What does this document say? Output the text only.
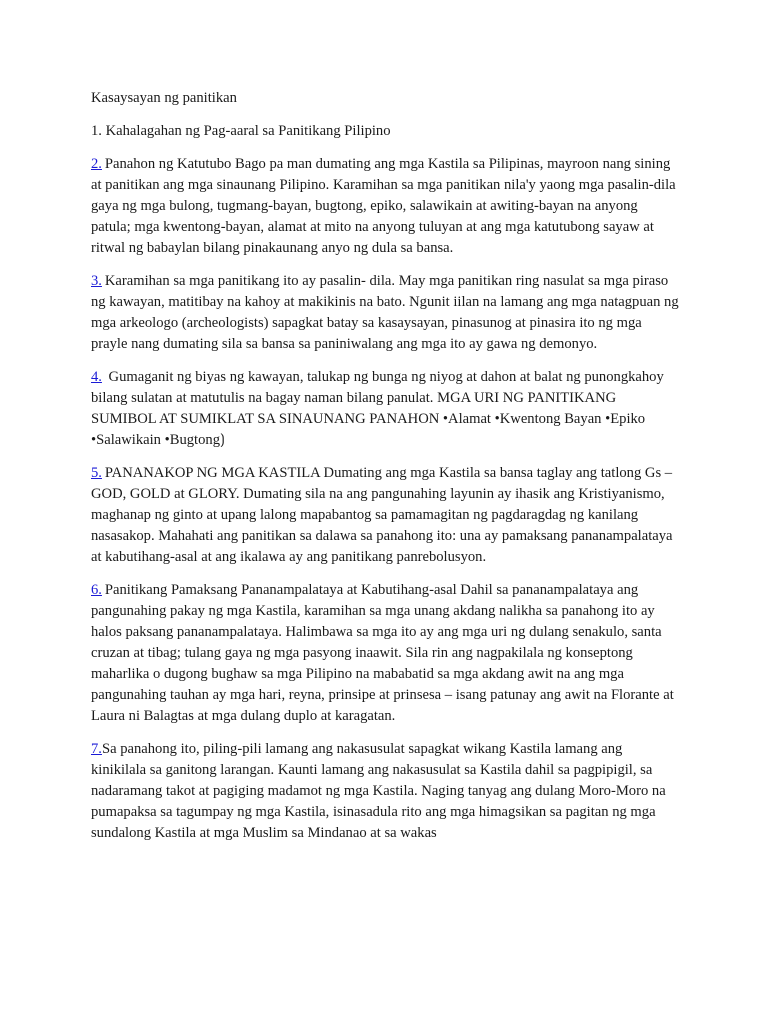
Kasaysayan ng panitikan

1. Kahalagahan ng Pag-aaral sa Panitikang Pilipino

2.  Panahon ng Katutubo Bago pa man dumating ang mga Kastila sa Pilipinas, mayroon nang sining at panitikan ang mga sinaunang Pilipino. Karamihan sa mga panitikan nila'y yaong mga pasalin-dila gaya ng mga bulong, tugmang-bayan, bugtong, epiko, salawikain at awiting-bayan na anyong patula; mga kwentong-bayan, alamat at mito na anyong tuluyan at ang mga katutubong sayaw at ritwal ng babaylan bilang pinakaunang anyo ng dula sa bansa.

3.  Karamihan sa mga panitikang ito ay pasalin- dila. May mga panitikan ring nasulat sa mga piraso ng kawayan, matitibay na kahoy at makikinis na bato. Ngunit iilan na lamang ang mga natagpuan ng mga arkeologo (archeologists) sapagkat batay sa kasaysayan, pinasunog at pinasira ito ng mga prayle nang dumating sila sa bansa sa paniniwalang ang mga ito ay gawa ng demonyo.

4.  Gumaganit ng biyas ng kawayan, talukap ng bunga ng niyog at dahon at balat ng punongkahoy bilang sulatan at matutulis na bagay naman bilang panulat. MGA URI NG PANITIKANG SUMIBOL AT SUMIKLAT SA SINAUNANG PANAHON •Alamat •Kwentong Bayan •Epiko •Salawikain •Bugtong⟯

5.  PANANAKOP NG MGA KASTILA Dumating ang mga Kastila sa bansa taglay ang tatlong Gs – GOD, GOLD at GLORY. Dumating sila na ang pangunahing layunin ay ihasik ang Kristiyanismo, maghanap ng ginto at upang lalong mapabantog sa pamamagitan ng pagdaragdag ng kanilang nasasakop. Mahahati ang panitikan sa dalawa sa panahong ito: una ay pamaksang pananampalataya at kabutihang-asal at ang ikalawa ay ang panitikang panrebolusyon.

6.  Panitikang Pamaksang Pananampalataya at Kabutihang-asal Dahil sa pananampalataya ang pangunahing pakay ng mga Kastila, karamihan sa mga unang akdang nalikha sa panahong ito ay halos paksang pananampalataya. Halimbawa sa mga ito ay ang mga uri ng dulang senakulo, santa cruzan at tibag; tulang gaya ng mga pasyong inaawit. Sila rin ang nagpakilala ng konseptong maharlika o dugong bughaw sa mga Pilipino na mababatid sa mga akdang awit na ang mga pangunahing tauhan ay mga hari, reyna, prinsipe at prinsesa – isang patunay ang awit na Florante at Laura ni Balagtas at mga dulang duplo at karagatan.

7.Sa panahong ito, piling-pili lamang ang nakasusulat sapagkat wikang Kastila lamang ang kinikilala sa ganitong larangan. Kaunti lamang ang nakasusulat sa Kastila dahil sa pagpipigil, sa nadaramang takot at pagiging madamot ng mga Kastila. Naging tanyag ang dulang Moro-Moro na pumapaksa sa tagumpay ng mga Kastila, isinasadula rito ang mga himagsikan sa pagitan ng mga sundalong Kastila at mga Muslim sa Mindanao at sa wakas
